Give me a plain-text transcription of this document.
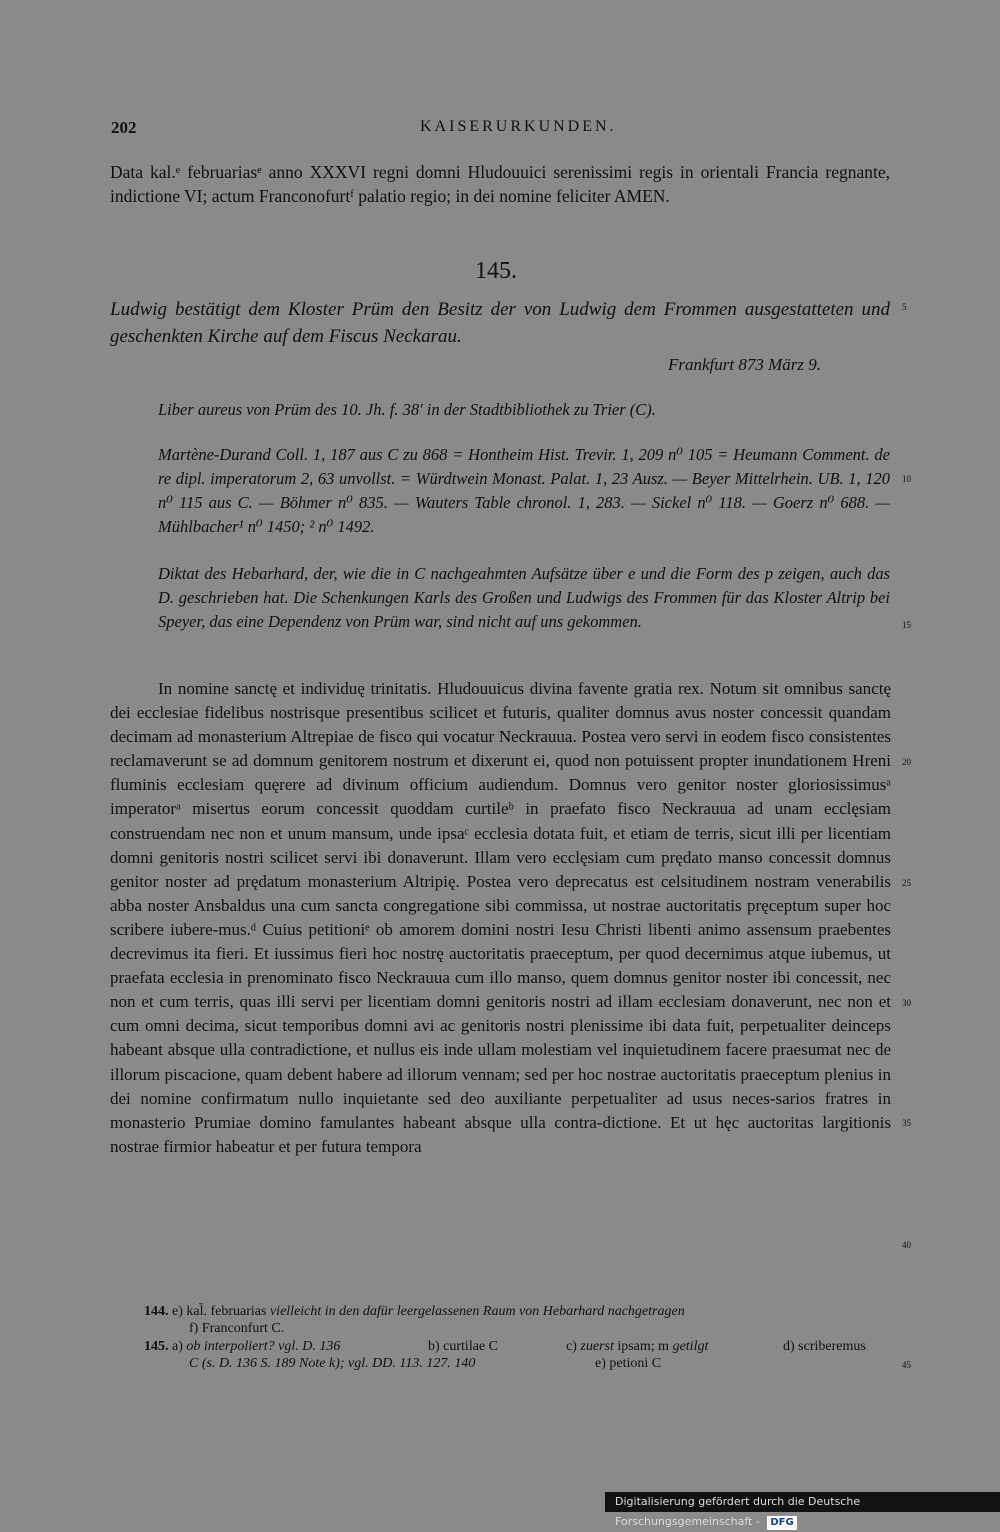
202	KAISERURKUNDEN.
Data kal.ᵉ februariasᵉ anno XXXVI regni domni Hludouuici serenissimi regis in orientali Francia regnante, indictione VI; actum Franconofurtᶠ palatio regio; in dei nomine feliciter AMEN.
145.
Ludwig bestätigt dem Kloster Prüm den Besitz der von Ludwig dem Frommen ausgestatteten und geschenkten Kirche auf dem Fiscus Neckarau.
Frankfurt 873 März 9.
Liber aureus von Prüm des 10. Jh. f. 38' in der Stadtbibliothek zu Trier (C).
Martène-Durand Coll. 1, 187 aus C zu 868 = Hontheim Hist. Trevir. 1, 209 n⁰ 105 = Heumann Comment. de re dipl. imperatorum 2, 63 unvollst. = Würdtwein Monast. Palat. 1, 23 Ausz. — Beyer Mittelrhein. UB. 1, 120 n⁰ 115 aus C. — Böhmer n⁰ 835. — Wauters Table chronol. 1, 283. — Sickel n⁰ 118. — Goerz n⁰ 688. — Mühlbacher¹ n⁰ 1450; ² n⁰ 1492.
Diktat des Hebarhard, der, wie die in C nachgeahmten Aufsätze über e und die Form des p zeigen, auch das D. geschrieben hat. Die Schenkungen Karls des Großen und Ludwigs des Frommen für das Kloster Altrip bei Speyer, das eine Dependenz von Prüm war, sind nicht auf uns gekommen.

In nomine sanctę et individuę trinitatis. Hludouuicus divina favente gratia rex. Notum sit omnibus sanctę dei ecclesiae fidelibus nostrisque presentibus scilicet et futuris, qualiter domnus avus noster concessit quandam decimam ad monasterium Altrepiae de fisco qui vocatur Neckrauua. Postea vero servi in eodem fisco consistentes reclamaverunt se ad domnum genitorem nostrum et dixerunt ei, quod non potuissent propter inundationem Hreni fluminis ecclesiam quęrere ad divinum officium audiendum. Domnus vero genitor noster gloriosissimusᵃ imperatorᵃ misertus eorum concessit quoddam curtileᵇ in praefato fisco Neckrauua ad unam ecclęsiam construendam nec non et unum mansum, unde ipsaᶜ ecclesia dotata fuit, et etiam de terris, sicut illi per licentiam domni genitoris nostri scilicet servi ibi donaverunt. Illam vero ecclęsiam cum prędato manso concessit domnus genitor noster ad prędatum monasterium Altripię. Postea vero deprecatus est celsitudinem nostram venerabilis abba noster Ansbaldus una cum sancta congregatione sibi commissa, ut nostrae auctoritatis pręceptum super hoc scribere iubere-mus.ᵈ Cuius petitioniᵉ ob amorem domini nostri Iesu Christi libenti animo assensum praebentes decrevimus ita fieri. Et iussimus fieri hoc nostrę auctoritatis praeceptum, per quod decernimus atque iubemus, ut praefata ecclesia in prenominato fisco Neckrauua cum illo manso, quem domnus genitor noster ibi concessit, nec non et cum terris, quas illi servi per licentiam domni genitoris nostri ad illam ecclesiam donaverunt, nec non et cum omni decima, sicut temporibus domni avi ac genitoris nostri plenissime ibi data fuit, perpetualiter deinceps habeant absque ulla contradictione, et nullus eis inde ullam molestiam vel inquietudinem facere praesumat nec de illorum piscacione, quam debent habere ad illorum vennam; sed per hoc nostrae auctoritatis praeceptum plenius in dei nomine confirmatum nullo inquietante sed deo auxiliante perpetualiter ad usus neces-sarios fratres in monasterio Prumiae domino famulantes habeant absque ulla contra-dictione. Et ut hęc auctoritas largitionis nostrae firmior habeatur et per futura tempora

5
10
15
20
25
30
35
40
45
144. e) kal̄. februarias vielleicht in den dafür leergelassenen Raum von Hebarhard nachgetragen
f) Franconfurt C.
145. a) ob interpoliert? vgl. D. 136	b) curtilae C	c) zuerst ipsam; m getilgt	d) scriberemus
C (s. D. 136 S. 189 Note k); vgl. DD. 113. 127. 140	e) petioni C
Digitalisierung gefördert durch die Deutsche Forschungsgemeinschaft - DFG
